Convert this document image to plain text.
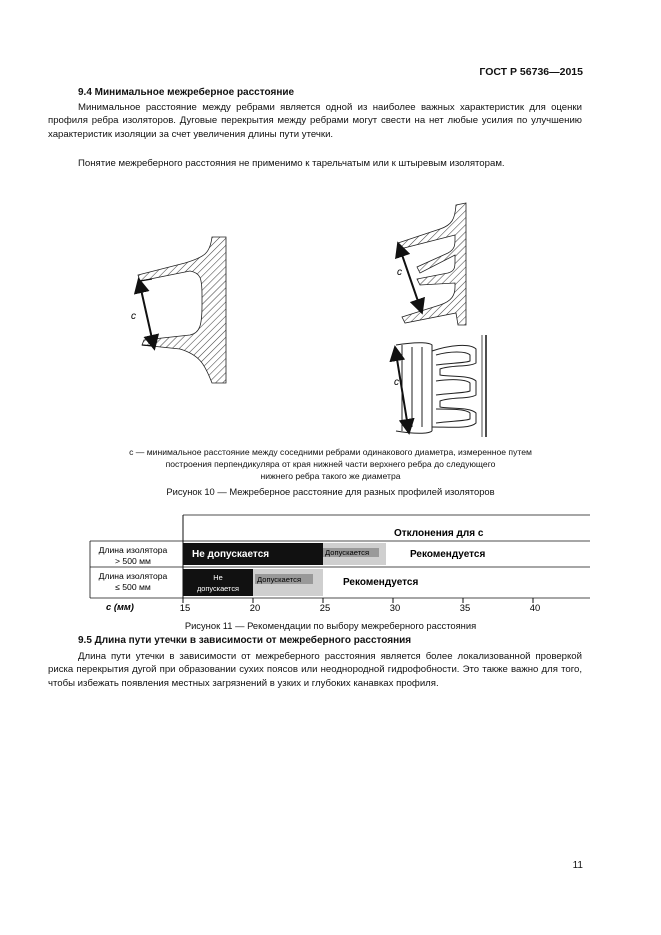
ГОСТ Р 56736—2015
9.4 Минимальное межреберное расстояние
Минимальное расстояние между ребрами является одной из наиболее важных характеристик для оценки профиля ребра изоляторов. Дуговые перекрытия между ребрами могут свести на нет любые усилия по улучшению характеристик изоляции за счет увеличения длины пути утечки.
Понятие межреберного расстояния не применимо к тарельчатым или к штыревым изоляторам.
c
c
c
c — минимальное расстояние между соседними ребрами одинакового диаметра, измеренное путем
построения перпендикуляра от края нижней части верхнего ребра до следующего
нижнего ребра такого же диаметра
Рисунок 10 — Межреберное расстояние для разных профилей изоляторов
Отклонения для c
Длина изолятора
> 500 мм
Не допускается	Допускается	Рекомендуется
Длина изолятора
≤ 500 мм
Не
допускается
Допускается	Рекомендуется
c (мм)	15	20	25	30	35	40
Рисунок 11 — Рекомендации по выбору межреберного расстояния
9.5 Длина пути утечки в зависимости от межреберного расстояния
Длина пути утечки в зависимости от межреберного расстояния является более локализованной проверкой риска перекрытия дугой при образовании сухих поясов или неоднородной гидрофобности. Это также важно для того, чтобы избежать появления местных загрязнений в узких и глубоких канавках профиля.
11
